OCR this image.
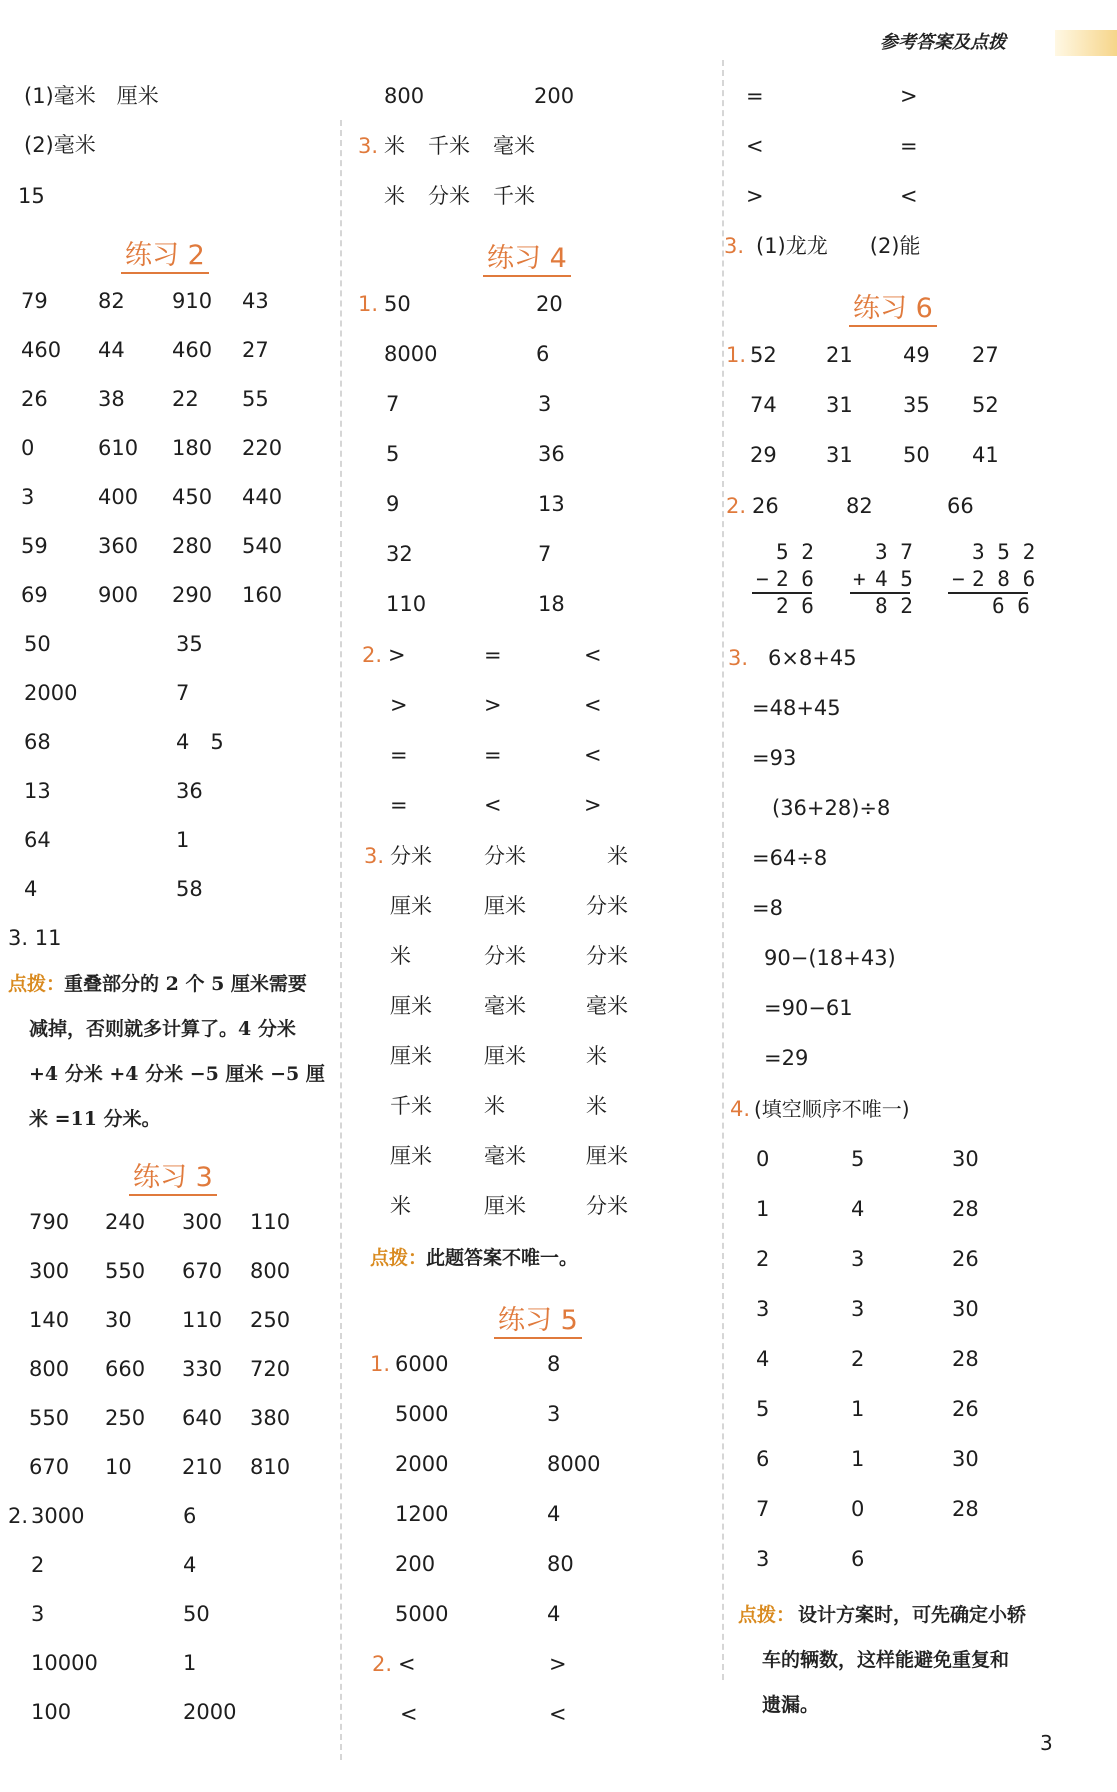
参考答案及点拨
(1)毫米　厘米
(2)毫米
15
练习 2
79 82 910 43
460 44 460 27
26 38 22 55
0	610 180 220
3	400 450 440
59 360 280 540
69 900 290 160
50	35
2000	7
68	4　5
13	36
64	1
4	58
3. 11
点拨：
重叠部分的 2 个 5 厘米需要
减掉，否则就多计算了。4 分米
+4 分米 +4 分米 −5 厘米 −5 厘
米 =11 分米。
练习 3
790 240 300 110
300 550 670 800
140 30 110 250
800 660 330 720
550 250 640 380
670 10 210 810
2. 3000	6
2	4
3	50
10000	1
100	2000
800	200
3. 米 千米 毫米
米 分米 千米
练习 4
1. 50	20
8000	6
7	3
5	36
9	13
32	7
110	18
2. >	=	<
>	>	<
=	=	<
=	<	>
3. 分米 分米	米
厘米 厘米	分米
米	分米	分米
厘米 毫米	毫米
厘米 厘米	米
千米 米	米
厘米 毫米	厘米
米	厘米	分米
点拨：
此题答案不唯一。
练习 5
1. 6000	8
5000	3
2000	8000
1200	4
200	80
5000	4
2. <	>
<	<
=	>
<	=
>	<
3. (1)龙龙　　(2)能
练习 6
1. 52 21 49 27
74 31 35 52
29 31 50 41
2. 26	82	66
5 2
− 2 6
2 6
3 7
+ 4 5
8 2
3 5 2
− 2 8 6
6 6
3. 6×8+45
=48+45
=93
(36+28)÷8
=64÷8
=8
90−(18+43)
=90−61
=29
4. (填空顺序不唯一)
0	5	30
1	4	28
2	3	26
3	3	30
4	2	28
5	1	26
6	1	30
7	0	28
3	6
点拨： 设计方案时，可先确定小轿
车的辆数，这样能避免重复和
遗漏。
3
